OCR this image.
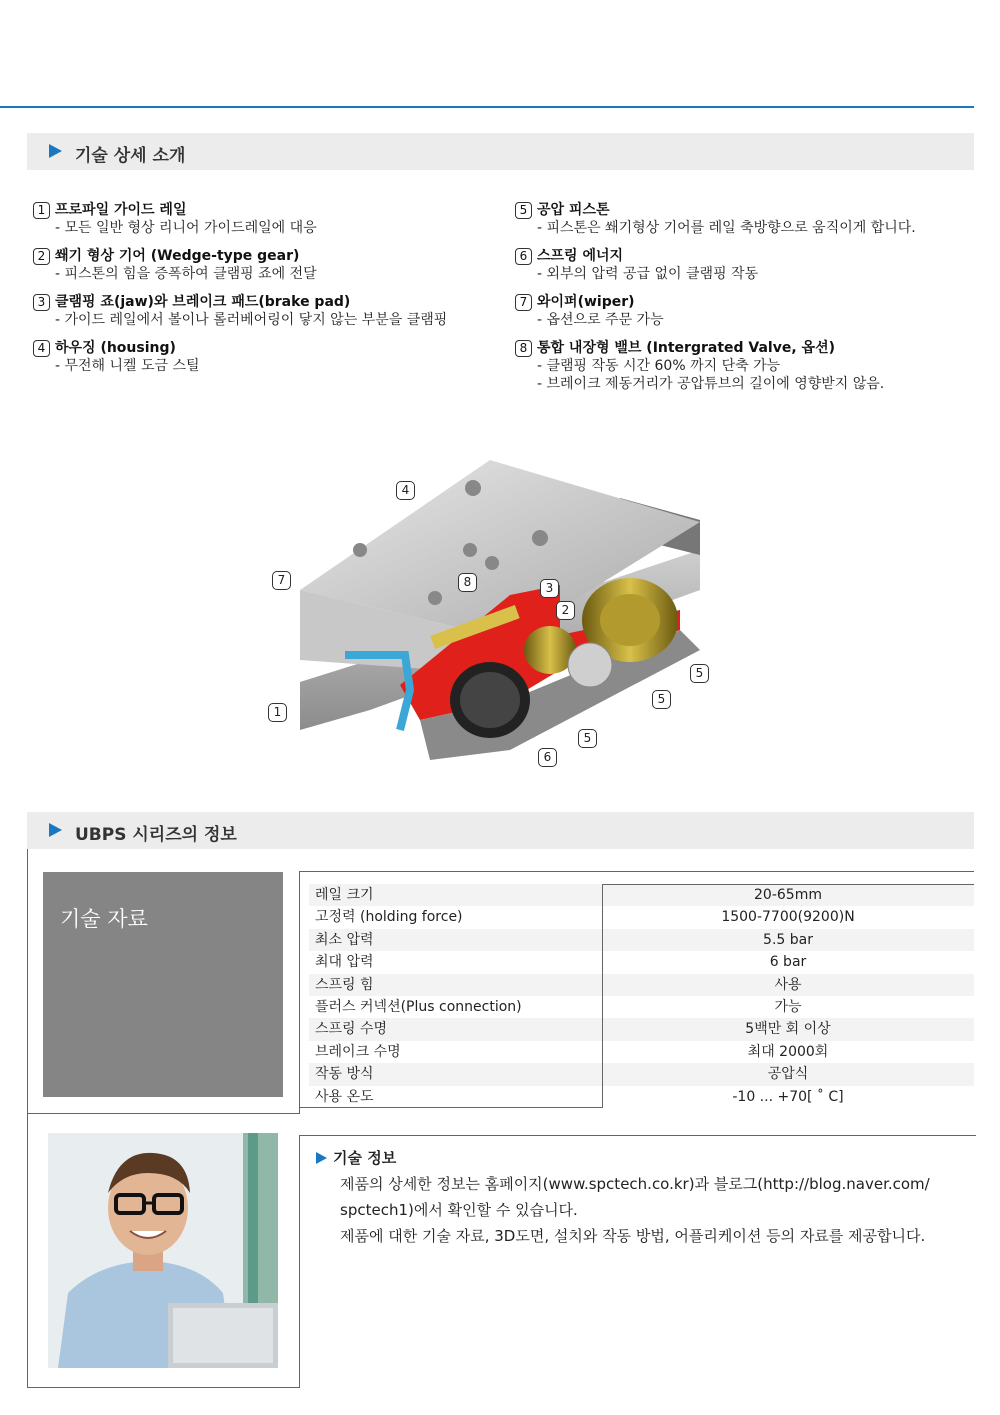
기술 상세 소개
1 프로파일 가이드 레일
- 모든 일반 형상 리니어 가이드레일에 대응
2 쐐기 형상 기어 (Wedge-type gear)
- 피스톤의 힘을 증폭하여 클램핑 죠에 전달
3 클램핑 죠(jaw)와 브레이크 패드(brake pad)
- 가이드 레일에서 볼이나 롤러베어링이 닿지 않는 부분을 클램핑
4 하우징 (housing)
- 무전해 니켈 도금 스틸
5 공압 피스톤
- 피스톤은 쐐기형상 기어를 레일 축방향으로 움직이게 합니다.
6 스프링 에너지
- 외부의 압력 공급 없이 클램핑 작동
7 와이퍼(wiper)
- 옵션으로 주문 가능
8 통합 내장형 밸브 (Intergrated Valve, 옵션)
- 클램핑 작동 시간 60% 까지 단축 가능
- 브레이크 제동거리가 공압튜브의 길이에 영향받지 않음.
4
7	8	3
2
1
5
5
5
6
UBPS 시리즈의 정보
기술 자료
레일 크기	20-65mm
고정력 (holding force)	1500-7700(9200)N
최소 압력	5.5 bar
최대 압력	6 bar
스프링 힘	사용
플러스 커넥션(Plus connection)	가능
스프링 수명	5백만 회 이상
브레이크 수명	최대 2000회
작동 방식	공압식
사용 온도	-10 ... +70[ ˚ C]
기술 정보
제품의 상세한 정보는 홈페이지(www.spctech.co.kr)과 블로그(http://blog.naver.com/
spctech1)에서 확인할 수 있습니다.
제품에 대한 기술 자료, 3D도면, 설치와 작동 방법, 어플리케이션 등의 자료를 제공합니다.
